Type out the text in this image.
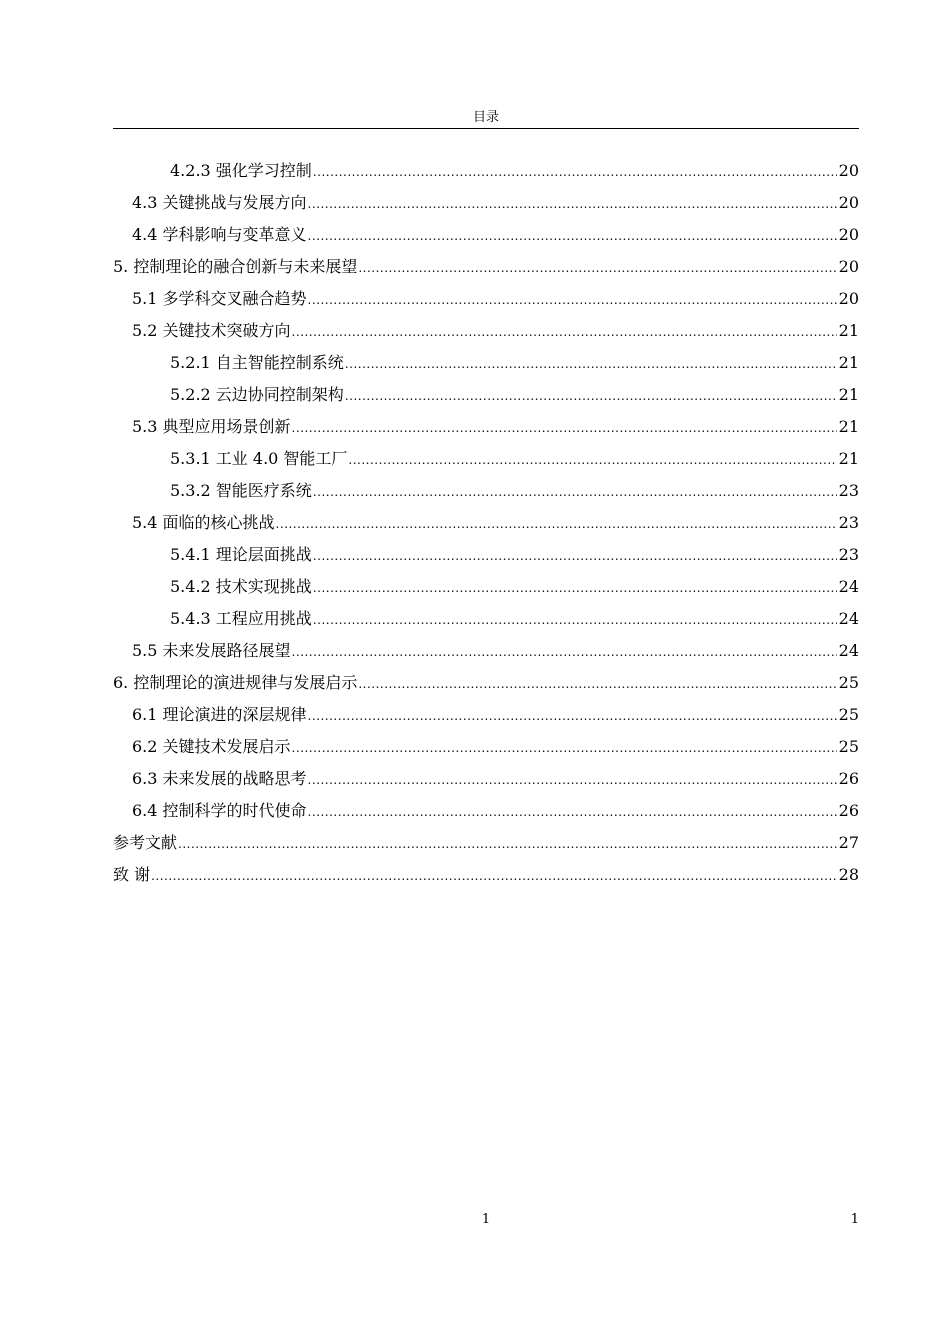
目录
4.2.3 强化学习控制 .....	20
4.3 关键挑战与发展方向 .....	20
4.4 学科影响与变革意义 .....	20
5. 控制理论的融合创新与未来展望 .....	20
5.1 多学科交叉融合趋势 .....	20
5.2 关键技术突破方向 .....	21
5.2.1 自主智能控制系统 .....	21
5.2.2 云边协同控制架构 .....	21
5.3 典型应用场景创新 .....	21
5.3.1 工业 4.0 智能工厂 .....	21
5.3.2 智能医疗系统 .....	23
5.4 面临的核心挑战 .....	23
5.4.1 理论层面挑战 .....	23
5.4.2 技术实现挑战 .....	24
5.4.3 工程应用挑战 .....	24
5.5 未来发展路径展望 .....	24
6. 控制理论的演进规律与发展启示 .....	25
6.1 理论演进的深层规律 .....	25
6.2 关键技术发展启示 .....	25
6.3 未来发展的战略思考 .....	26
6.4 控制科学的时代使命 .....	26
参考文献 .....	27
致 谢 .....	28
1	1
